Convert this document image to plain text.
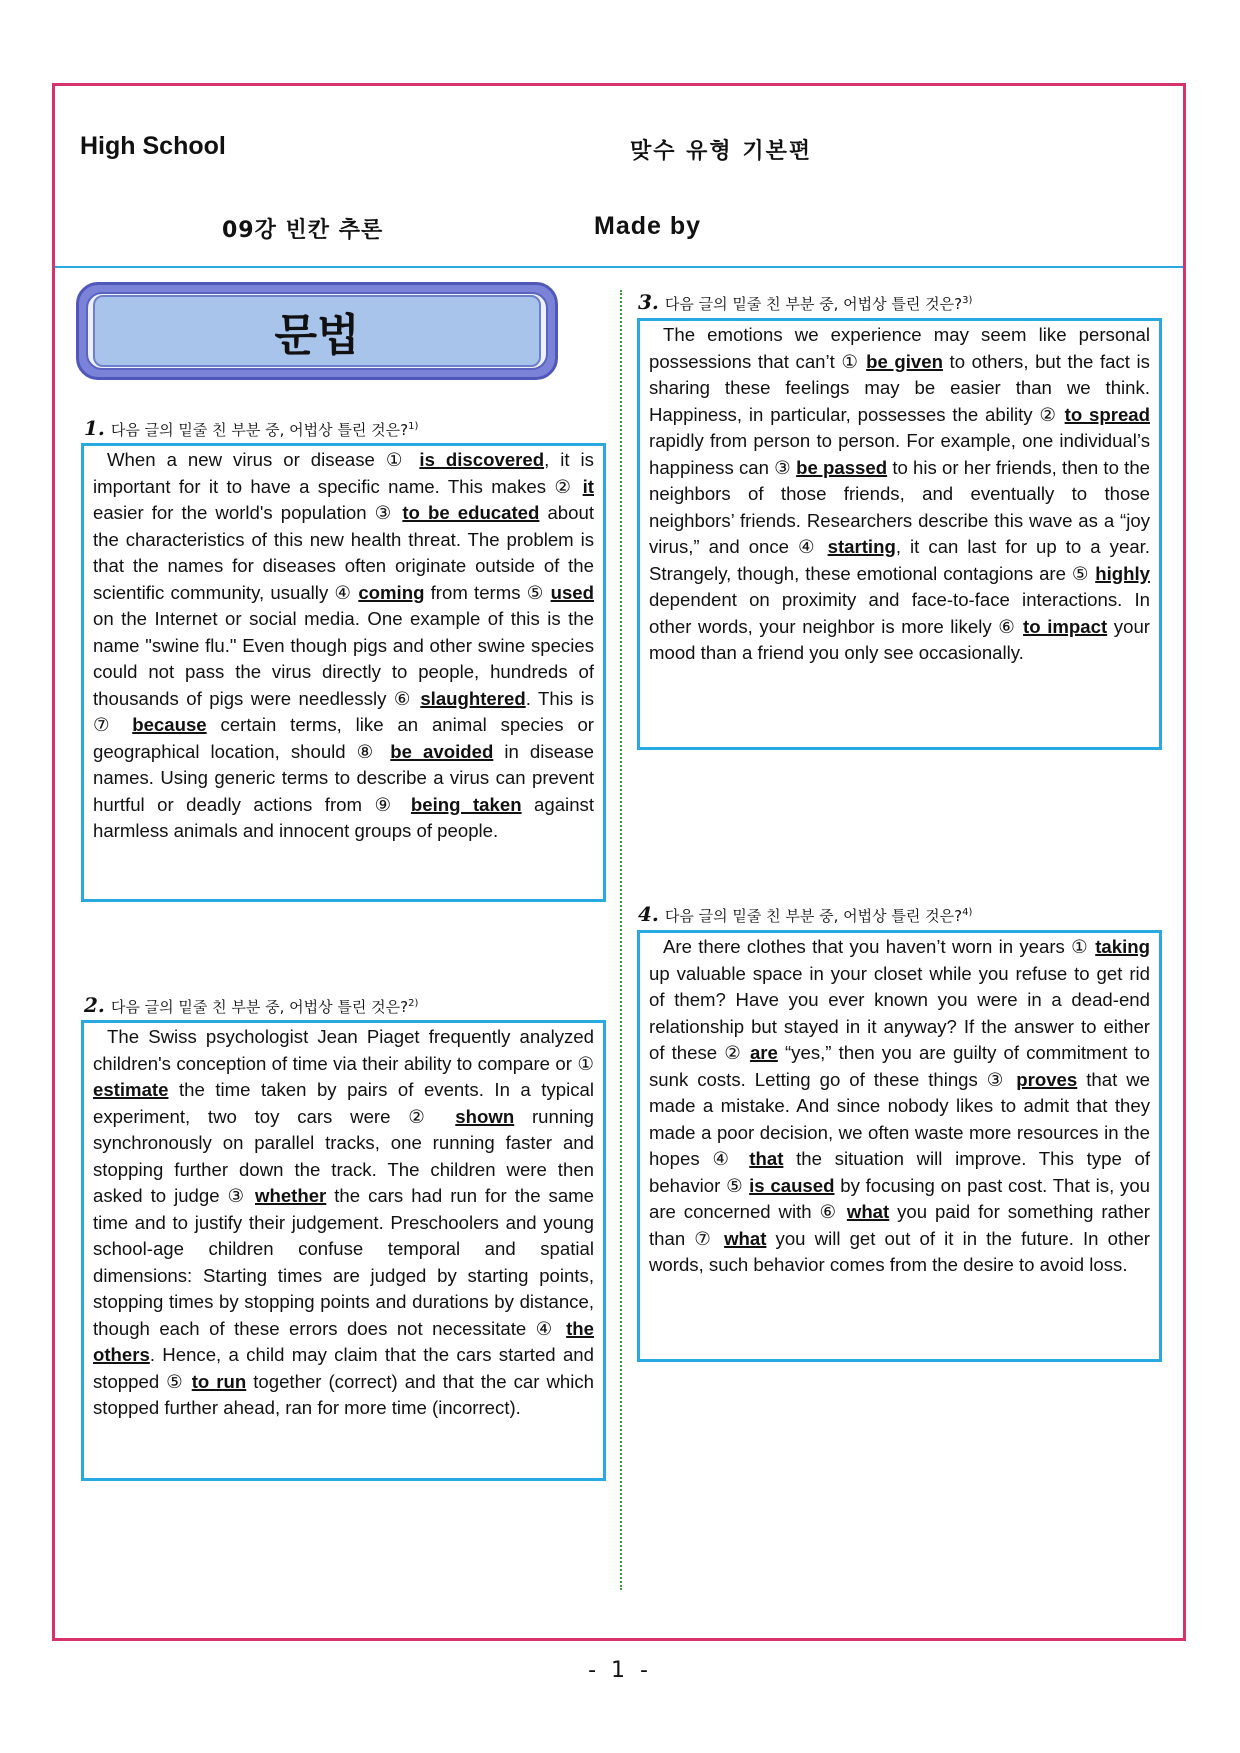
High School	맞수 유형 기본편
09강 빈칸 추론	Made by
문법
1. 다음 글의 밑줄 친 부분 중, 어법상 틀린 것은?$^{1)}$

When a new virus or disease ① is discovered, it is important for it to have a specific name. This makes ② it easier for the world's population ③ to be educated about the characteristics of this new health threat. The problem is that the names for diseases often originate outside of the scientific community, usually ④ coming from terms ⑤ used on the Internet or social media. One example of this is the name "swine flu." Even though pigs and other swine species could not pass the virus directly to people, hundreds of thousands of pigs were needlessly ⑥ slaughtered. This is ⑦ because certain terms, like an animal species or geographical location, should ⑧ be avoided in disease names. Using generic terms to describe a virus can prevent hurtful or deadly actions from ⑨ being taken against harmless animals and innocent groups of people.

2. 다음 글의 밑줄 친 부분 중, 어법상 틀린 것은?$^{2)}$

The Swiss psychologist Jean Piaget frequently analyzed children's conception of time via their ability to compare or ① estimate the time taken by pairs of events. In a typical experiment, two toy cars were ② shown running synchronously on parallel tracks, one running faster and stopping further down the track. The children were then asked to judge ③ whether the cars had run for the same time and to justify their judgement. Preschoolers and young school-age children confuse temporal and spatial dimensions: Starting times are judged by starting points, stopping times by stopping points and durations by distance, though each of these errors does not necessitate ④ the others. Hence, a child may claim that the cars started and stopped ⑤ to run together (correct) and that the car which stopped further ahead, ran for more time (incorrect).

3. 다음 글의 밑줄 친 부분 중, 어법상 틀린 것은?$^{3)}$

The emotions we experience may seem like personal possessions that can’t ① be given to others, but the fact is sharing these feelings may be easier than we think. Happiness, in particular, possesses the ability ② to spread rapidly from person to person. For example, one individual’s happiness can ③ be passed to his or her friends, then to the neighbors of those friends, and eventually to those neighbors’ friends. Researchers describe this wave as a “joy virus,” and once ④ starting, it can last for up to a year. Strangely, though, these emotional contagions are ⑤ highly dependent on proximity and face-to-face interactions. In other words, your neighbor is more likely ⑥ to impact your mood than a friend you only see occasionally.

4. 다음 글의 밑줄 친 부분 중, 어법상 틀린 것은?$^{4)}$

Are there clothes that you haven’t worn in years ① taking up valuable space in your closet while you refuse to get rid of them? Have you ever known you were in a dead-end relationship but stayed in it anyway? If the answer to either of these ② are “yes,” then you are guilty of commitment to sunk costs. Letting go of these things ③ proves that we made a mistake. And since nobody likes to admit that they made a poor decision, we often waste more resources in the hopes ④ that the situation will improve. This type of behavior ⑤ is caused by focusing on past cost. That is, you are concerned with ⑥ what you paid for something rather than ⑦ what you will get out of it in the future. In other words, such behavior comes from the desire to avoid loss.

- 1 -
